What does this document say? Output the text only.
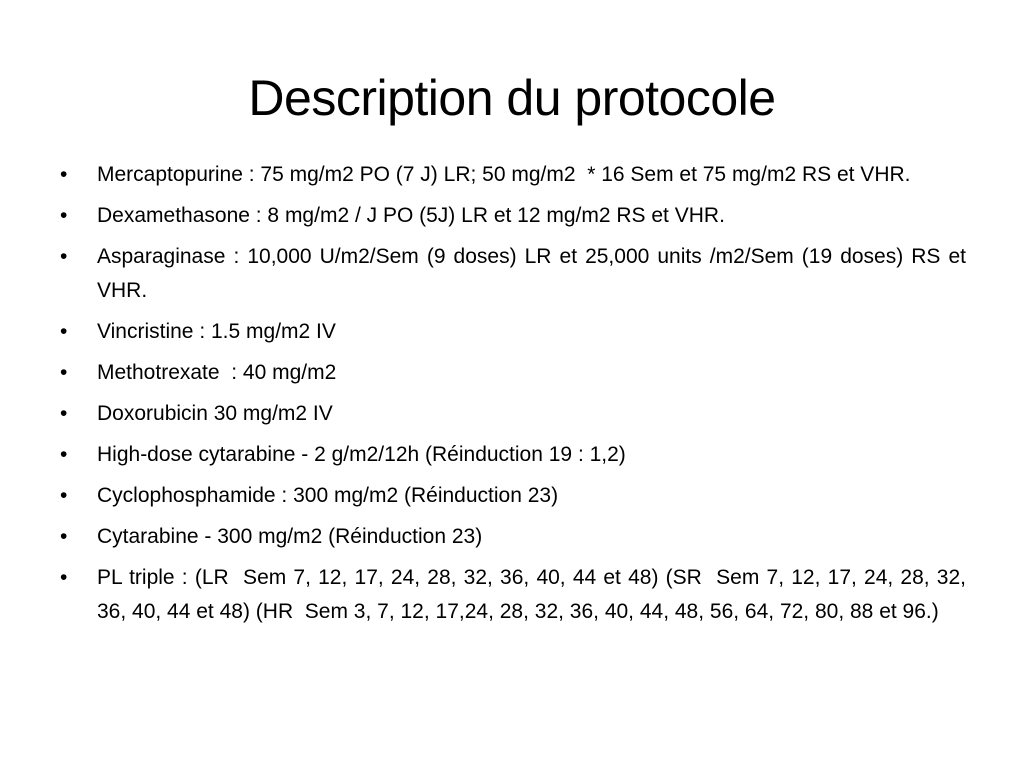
Description du protocole
•	Mercaptopurine : 75 mg/m2 PO (7 J) LR; 50 mg/m2  * 16 Sem et 75 mg/m2 RS et VHR.
•	Dexamethasone : 8 mg/m2 / J PO (5J) LR et 12 mg/m2 RS et VHR.
•	Asparaginase : 10,000 U/m2/Sem (9 doses) LR et 25,000 units /m2/Sem (19 doses) RS et VHR.
•	Vincristine : 1.5 mg/m2 IV
•	Methotrexate  : 40 mg/m2
•	Doxorubicin 30 mg/m2 IV
•	High-dose cytarabine - 2 g/m2/12h (Réinduction 19 : 1,2)
•	Cyclophosphamide : 300 mg/m2 (Réinduction 23)
•	Cytarabine - 300 mg/m2 (Réinduction 23)
•	PL triple : (LR  Sem 7, 12, 17, 24, 28, 32, 36, 40, 44 et 48) (SR  Sem 7, 12, 17, 24, 28, 32, 36, 40, 44 et 48) (HR  Sem 3, 7, 12, 17,24, 28, 32, 36, 40, 44, 48, 56, 64, 72, 80, 88 et 96.)
